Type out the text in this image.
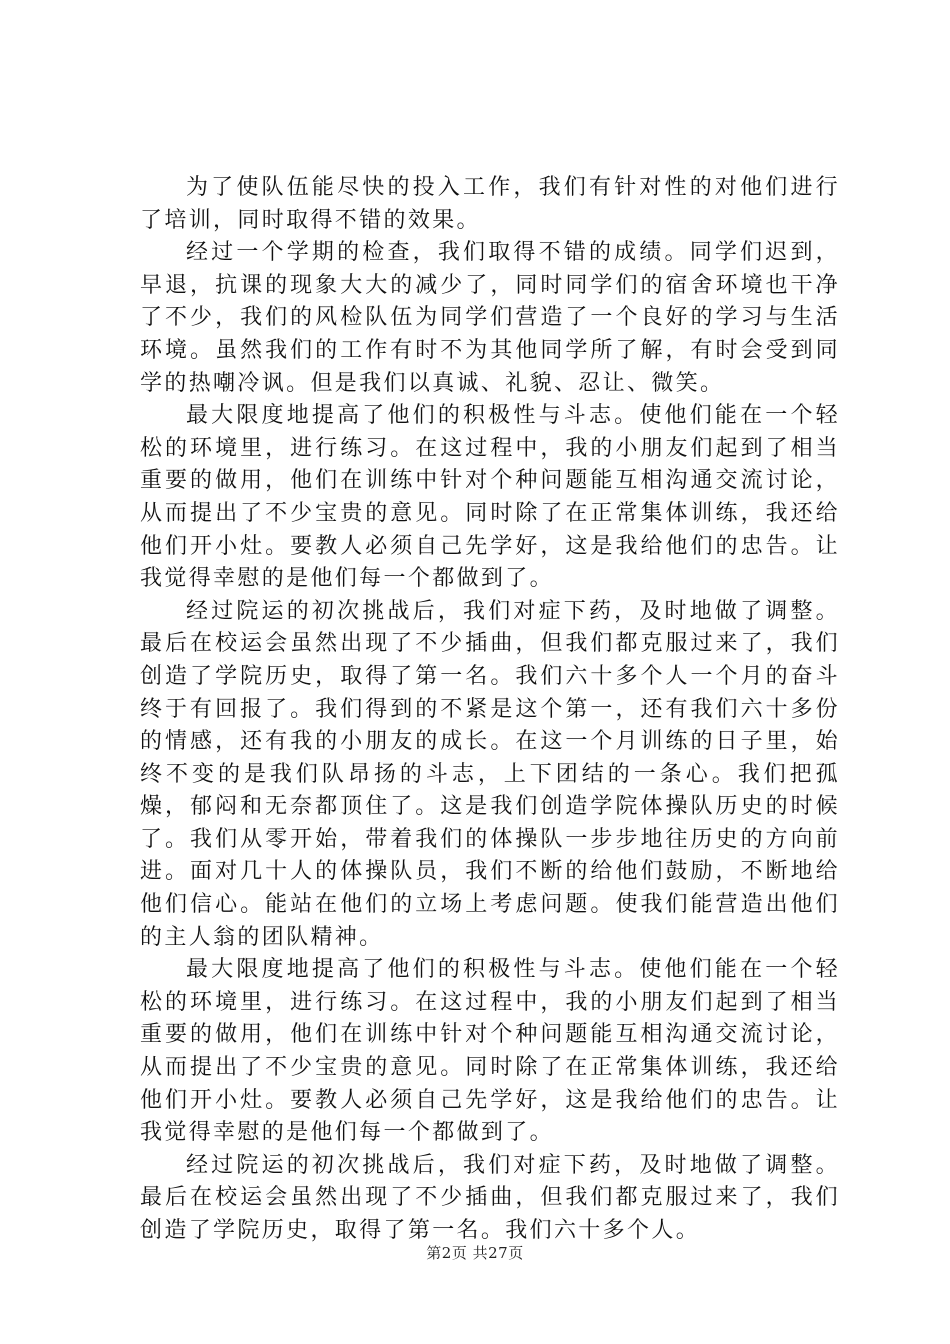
为了使队伍能尽快的投入工作，我们有针对性的对他们进行了培训，同时取得不错的效果。

经过一个学期的检查，我们取得不错的成绩。同学们迟到，早退，抗课的现象大大的减少了，同时同学们的宿舍环境也干净了不少，我们的风检队伍为同学们营造了一个良好的学习与生活环境。虽然我们的工作有时不为其他同学所了解，有时会受到同学的热嘲冷讽。但是我们以真诚、礼貌、忍让、微笑。

最大限度地提高了他们的积极性与斗志。使他们能在一个轻松的环境里，进行练习。在这过程中，我的小朋友们起到了相当重要的做用，他们在训练中针对个种问题能互相沟通交流讨论，从而提出了不少宝贵的意见。同时除了在正常集体训练，我还给他们开小灶。要教人必须自己先学好，这是我给他们的忠告。让我觉得幸慰的是他们每一个都做到了。

经过院运的初次挑战后，我们对症下药，及时地做了调整。最后在校运会虽然出现了不少插曲，但我们都克服过来了，我们创造了学院历史，取得了第一名。我们六十多个人一个月的奋斗终于有回报了。我们得到的不紧是这个第一，还有我们六十多份的情感，还有我的小朋友的成长。在这一个月训练的日子里，始终不变的是我们队昂扬的斗志，上下团结的一条心。我们把孤燥，郁闷和无奈都顶住了。这是我们创造学院体操队历史的时候了。我们从零开始，带着我们的体操队一步步地往历史的方向前进。面对几十人的体操队员，我们不断的给他们鼓励，不断地给他们信心。能站在他们的立场上考虑问题。使我们能营造出他们的主人翁的团队精神。

最大限度地提高了他们的积极性与斗志。使他们能在一个轻松的环境里，进行练习。在这过程中，我的小朋友们起到了相当重要的做用，他们在训练中针对个种问题能互相沟通交流讨论，从而提出了不少宝贵的意见。同时除了在正常集体训练，我还给他们开小灶。要教人必须自己先学好，这是我给他们的忠告。让我觉得幸慰的是他们每一个都做到了。

经过院运的初次挑战后，我们对症下药，及时地做了调整。最后在校运会虽然出现了不少插曲，但我们都克服过来了，我们创造了学院历史，取得了第一名。我们六十多个人。

第2页 共27页
